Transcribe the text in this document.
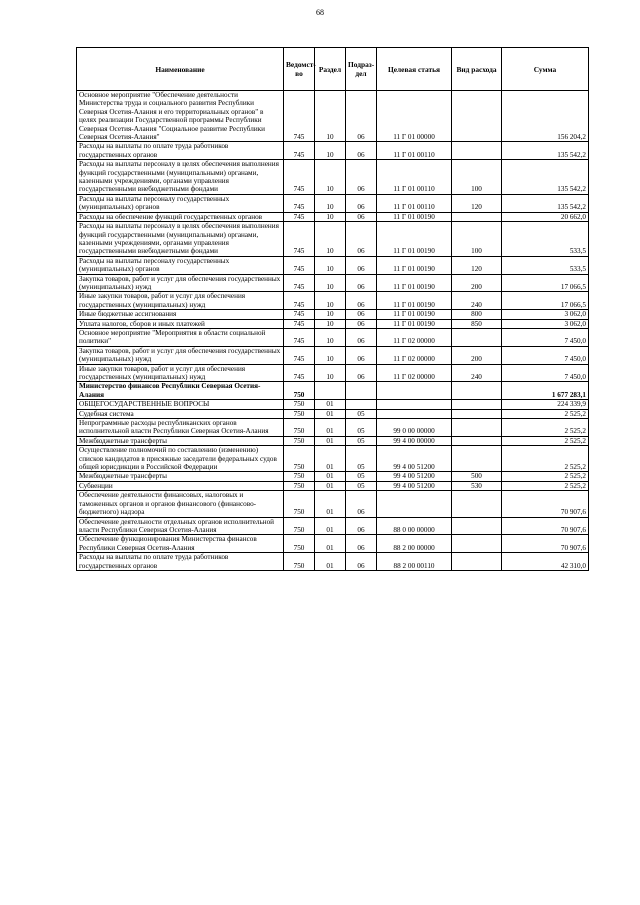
68
Наименование	Ведомст-во	Раздел	Подраз-дел	Целевая статья	Вид расхода	Сумма
Основное мероприятие "Обеспечение деятельности Министерства труда и социального развития Республики Северная Осетия-Алания и его территориальных органов" в целях реализации Государственной программы Республики Северная Осетия-Алания "Социальное развитие Республики Северная Осетия-Алания"	745	10	06	11 Г 01 00000		156 204,2
Расходы на выплаты по оплате труда работников государственных органов	745	10	06	11 Г 01 00110		135 542,2
Расходы на выплаты персоналу в целях обеспечения выполнения функций государственными (муниципальными) органами, казенными учреждениями, органами управления государственными внебюджетными фондами	745	10	06	11 Г 01 00110	100	135 542,2
Расходы на выплаты персоналу государственных (муниципальных) органов	745	10	06	11 Г 01 00110	120	135 542,2
Расходы на обеспечение функций государственных органов	745	10	06	11 Г 01 00190		20 662,0
Расходы на выплаты персоналу в целях обеспечения выполнения функций государственными (муниципальными) органами, казенными учреждениями, органами управления государственными внебюджетными фондами	745	10	06	11 Г 01 00190	100	533,5
Расходы на выплаты персоналу государственных (муниципальных) органов	745	10	06	11 Г 01 00190	120	533,5
Закупка товаров, работ и услуг для обеспечения государственных (муниципальных) нужд	745	10	06	11 Г 01 00190	200	17 066,5
Иные закупки товаров, работ и услуг для обеспечения государственных (муниципальных) нужд	745	10	06	11 Г 01 00190	240	17 066,5
Иные бюджетные ассигнования	745	10	06	11 Г 01 00190	800	3 062,0
Уплата налогов, сборов и иных платежей	745	10	06	11 Г 01 00190	850	3 062,0
Основное мероприятие "Мероприятия в области социальной политики"	745	10	06	11 Г 02 00000		7 450,0
Закупка товаров, работ и услуг для обеспечения государственных (муниципальных) нужд	745	10	06	11 Г 02 00000	200	7 450,0
Иные закупки товаров, работ и услуг для обеспечения государственных (муниципальных) нужд	745	10	06	11 Г 02 00000	240	7 450,0
Министерство финансов Республики Северная Осетия-Алания	750					1 677 283,1
ОБЩЕГОСУДАРСТВЕННЫЕ ВОПРОСЫ	750	01				224 339,9
Судебная система	750	01	05			2 525,2
Непрограммные расходы республиканских органов исполнительной власти Республики Северная Осетия-Алания	750	01	05	99 0 00 00000		2 525,2
Межбюджетные трансферты	750	01	05	99 4 00 00000		2 525,2
Осуществление полномочий по составлению (изменению) списков кандидатов в присяжные заседатели федеральных судов общей юрисдикции в Российской Федерации	750	01	05	99 4 00 51200		2 525,2
Межбюджетные трансферты	750	01	05	99 4 00 51200	500	2 525,2
Субвенции	750	01	05	99 4 00 51200	530	2 525,2
Обеспечение деятельности финансовых, налоговых и таможенных органов и органов финансового (финансово-бюджетного) надзора	750	01	06			70 907,6
Обеспечение деятельности отдельных органов исполнительной власти Республики Северная Осетия-Алания	750	01	06	88 0 00 00000		70 907,6
Обеспечение функционирования Министерства финансов Республики Северная Осетия-Алания	750	01	06	88 2 00 00000		70 907,6
Расходы на выплаты по оплате труда работников государственных органов	750	01	06	88 2 00 00110		42 310,0
